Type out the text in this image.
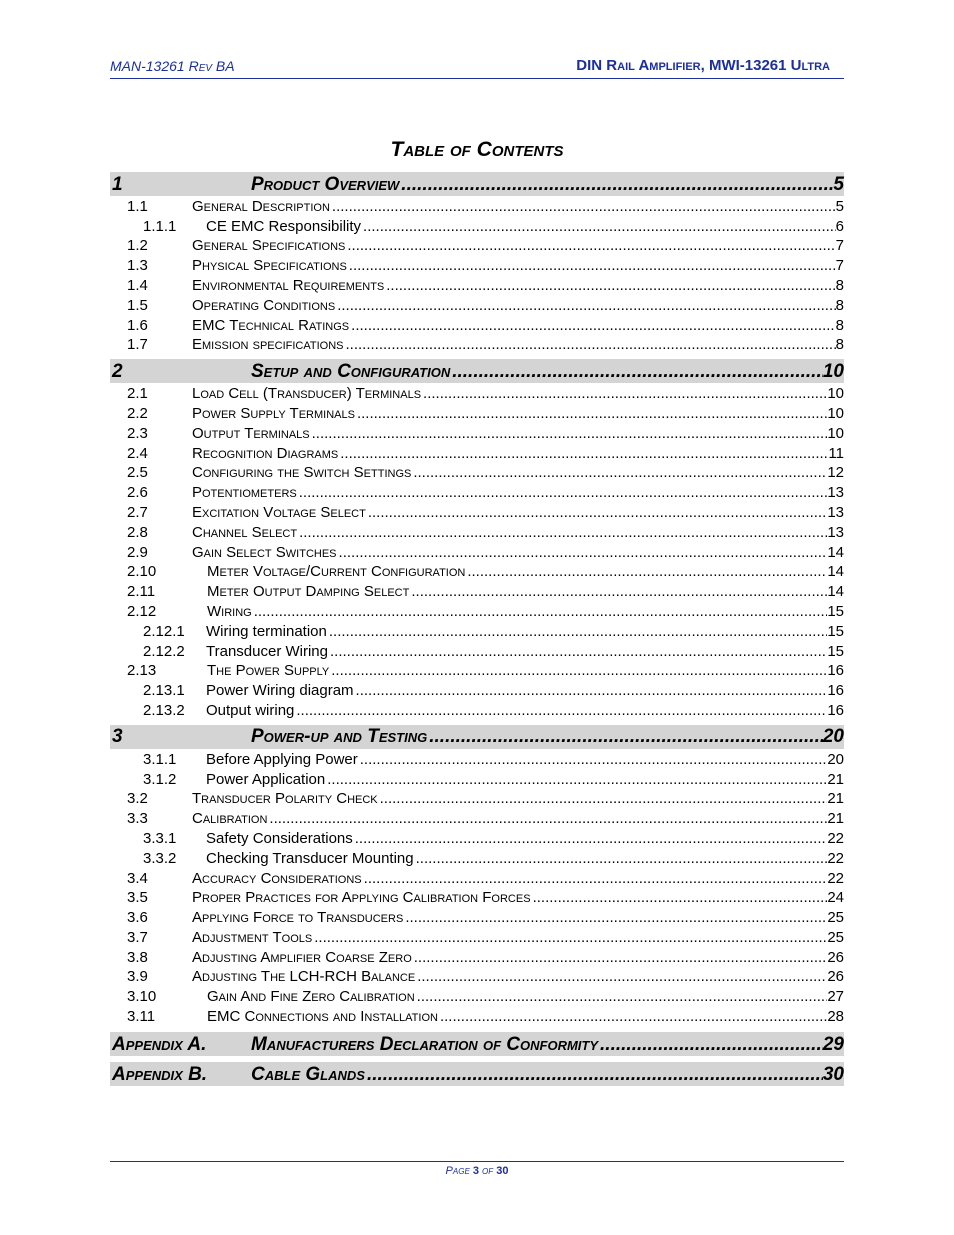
MAN-13261 Rev BA	DIN Rail Amplifier, MWI-13261 Ultra
Table of Contents
1	Product Overview .....	5
1.1	General Description .....	5
1.1.1	CE EMC Responsibility .....	6
1.2	General Specifications .....	7
1.3	Physical Specifications .....	7
1.4	Environmental Requirements .....	8
1.5	Operating Conditions .....	8
1.6	EMC Technical Ratings .....	8
1.7	Emission specifications .....	8
2	Setup and Configuration .....	10
2.1	Load Cell (Transducer) Terminals .....	10
2.2	Power Supply Terminals .....	10
2.3	Output Terminals .....	10
2.4	Recognition Diagrams .....	11
2.5	Configuring the Switch Settings .....	12
2.6	Potentiometers .....	13
2.7	Excitation Voltage Select .....	13
2.8	Channel Select .....	13
2.9	Gain Select Switches .....	14
2.10	Meter Voltage/Current Configuration .....	14
2.11	Meter Output Damping Select .....	14
2.12	Wiring .....	15
2.12.1	Wiring termination .....	15
2.12.2	Transducer Wiring .....	15
2.13	The Power Supply .....	16
2.13.1	Power Wiring diagram .....	16
2.13.2	Output wiring .....	16
3	Power-up and Testing .....	20
3.1.1	Before Applying Power .....	20
3.1.2	Power Application .....	21
3.2	Transducer Polarity Check .....	21
3.3	Calibration .....	21
3.3.1	Safety Considerations .....	22
3.3.2	Checking Transducer Mounting .....	22
3.4	Accuracy Considerations .....	22
3.5	Proper Practices for Applying Calibration Forces .....	24
3.6	Applying Force to Transducers .....	25
3.7	Adjustment Tools .....	25
3.8	Adjusting Amplifier Coarse Zero .....	26
3.9	Adjusting The LCH-RCH Balance .....	26
3.10	Gain And Fine Zero Calibration .....	27
3.11	EMC Connections and Installation .....	28
Appendix A.	Manufacturers Declaration of Conformity .....	29
Appendix B.	Cable Glands .....	30
Page 3 of 30
